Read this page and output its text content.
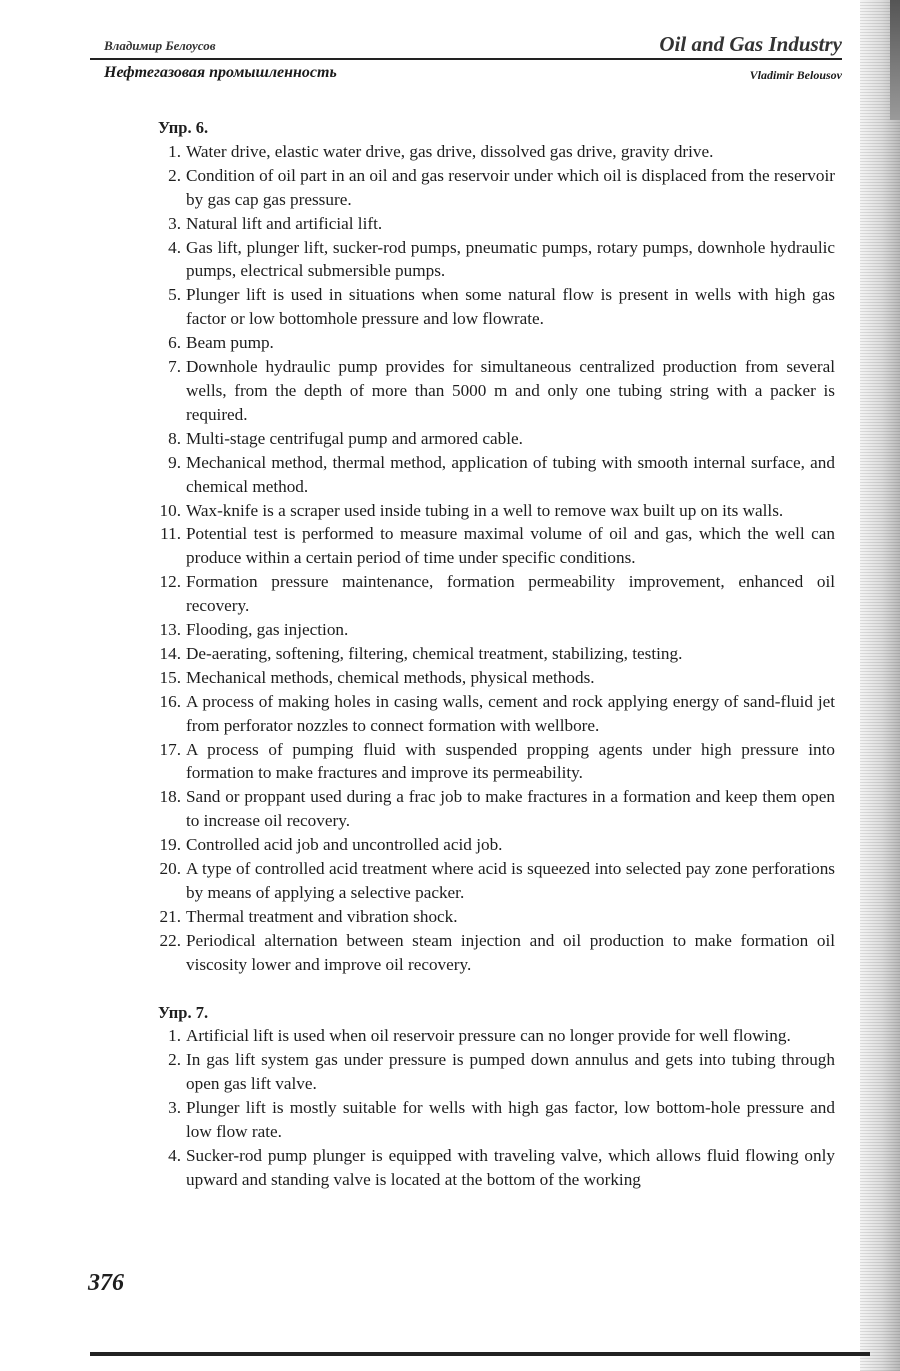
Владимир Белоусов	Oil and Gas Industry
Нефтегазовая промышленность	Vladimir Belousov

Упр. 6.

1. Water drive, elastic water drive, gas drive, dissolved gas drive, gravity drive.
2. Condition of oil part in an oil and gas reservoir under which oil is displaced from the reservoir by gas cap gas pressure.
3. Natural lift and artificial lift.
4. Gas lift, plunger lift, sucker-rod pumps, pneumatic pumps, rotary pumps, downhole hydraulic pumps, electrical submersible pumps.
5. Plunger lift is used in situations when some natural flow is present in wells with high gas factor or low bottomhole pressure and low flowrate.
6. Beam pump.
7. Downhole hydraulic pump provides for simultaneous centralized production from several wells, from the depth of more than 5000 m and only one tubing string with a packer is required.
8. Multi-stage centrifugal pump and armored cable.
9. Mechanical method, thermal method, application of tubing with smooth internal surface, and chemical method.
10. Wax-knife is a scraper used inside tubing in a well to remove wax built up on its walls.
11. Potential test is performed to measure maximal volume of oil and gas, which the well can produce within a certain period of time under specific conditions.
12. Formation pressure maintenance, formation permeability improvement, enhanced oil recovery.
13. Flooding, gas injection.
14. De-aerating, softening, filtering, chemical treatment, stabilizing, testing.
15. Mechanical methods, chemical methods, physical methods.
16. A process of making holes in casing walls, cement and rock applying energy of sand-fluid jet from perforator nozzles to connect formation with wellbore.
17. A process of pumping fluid with suspended propping agents under high pressure into formation to make fractures and improve its permeability.
18. Sand or proppant used during a frac job to make fractures in a formation and keep them open to increase oil recovery.
19. Controlled acid job and uncontrolled acid job.
20. A type of controlled acid treatment where acid is squeezed into selected pay zone perforations by means of applying a selective packer.
21. Thermal treatment and vibration shock.
22. Periodical alternation between steam injection and oil production to make formation oil viscosity lower and improve oil recovery.

Упр. 7.

1. Artificial lift is used when oil reservoir pressure can no longer provide for well flowing.
2. In gas lift system gas under pressure is pumped down annulus and gets into tubing through open gas lift valve.
3. Plunger lift is mostly suitable for wells with high gas factor, low bottom-hole pressure and low flow rate.
4. Sucker-rod pump plunger is equipped with traveling valve, which allows fluid flowing only upward and standing valve is located at the bottom of the working
376
